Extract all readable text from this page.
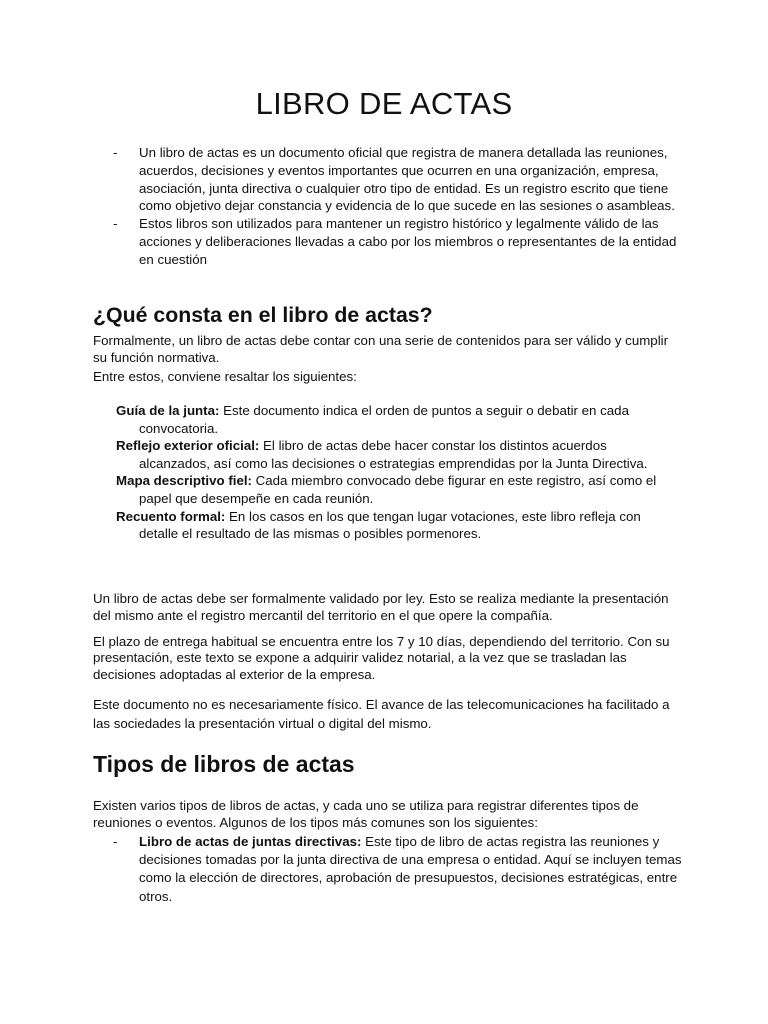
LIBRO DE ACTAS
- Un libro de actas es un documento oficial que registra de manera detallada las reuniones, acuerdos, decisiones y eventos importantes que ocurren en una organización, empresa, asociación, junta directiva o cualquier otro tipo de entidad. Es un registro escrito que tiene como objetivo dejar constancia y evidencia de lo que sucede en las sesiones o asambleas.
- Estos libros son utilizados para mantener un registro histórico y legalmente válido de las acciones y deliberaciones llevadas a cabo por los miembros o representantes de la entidad en cuestión
¿Qué consta en el libro de actas?

Formalmente, un libro de actas debe contar con una serie de contenidos para ser válido y cumplir su función normativa.

Entre estos, conviene resaltar los siguientes:

Guía de la junta: Este documento indica el orden de puntos a seguir o debatir en cada convocatoria.
Reflejo exterior oficial: El libro de actas debe hacer constar los distintos acuerdos alcanzados, así como las decisiones o estrategias emprendidas por la Junta Directiva.
Mapa descriptivo fiel: Cada miembro convocado debe figurar en este registro, así como el papel que desempeñe en cada reunión.
Recuento formal: En los casos en los que tengan lugar votaciones, este libro refleja con detalle el resultado de las mismas o posibles pormenores.

Un libro de actas debe ser formalmente validado por ley. Esto se realiza mediante la presentación del mismo ante el registro mercantil del territorio en el que opere la compañía.

El plazo de entrega habitual se encuentra entre los 7 y 10 días, dependiendo del territorio. Con su presentación, este texto se expone a adquirir validez notarial, a la vez que se trasladan las decisiones adoptadas al exterior de la empresa.

Este documento no es necesariamente físico. El avance de las telecomunicaciones ha facilitado a las sociedades la presentación virtual o digital del mismo.

Tipos de libros de actas

Existen varios tipos de libros de actas, y cada uno se utiliza para registrar diferentes tipos de reuniones o eventos. Algunos de los tipos más comunes son los siguientes:

- Libro de actas de juntas directivas: Este tipo de libro de actas registra las reuniones y decisiones tomadas por la junta directiva de una empresa o entidad. Aquí se incluyen temas como la elección de directores, aprobación de presupuestos, decisiones estratégicas, entre otros.
